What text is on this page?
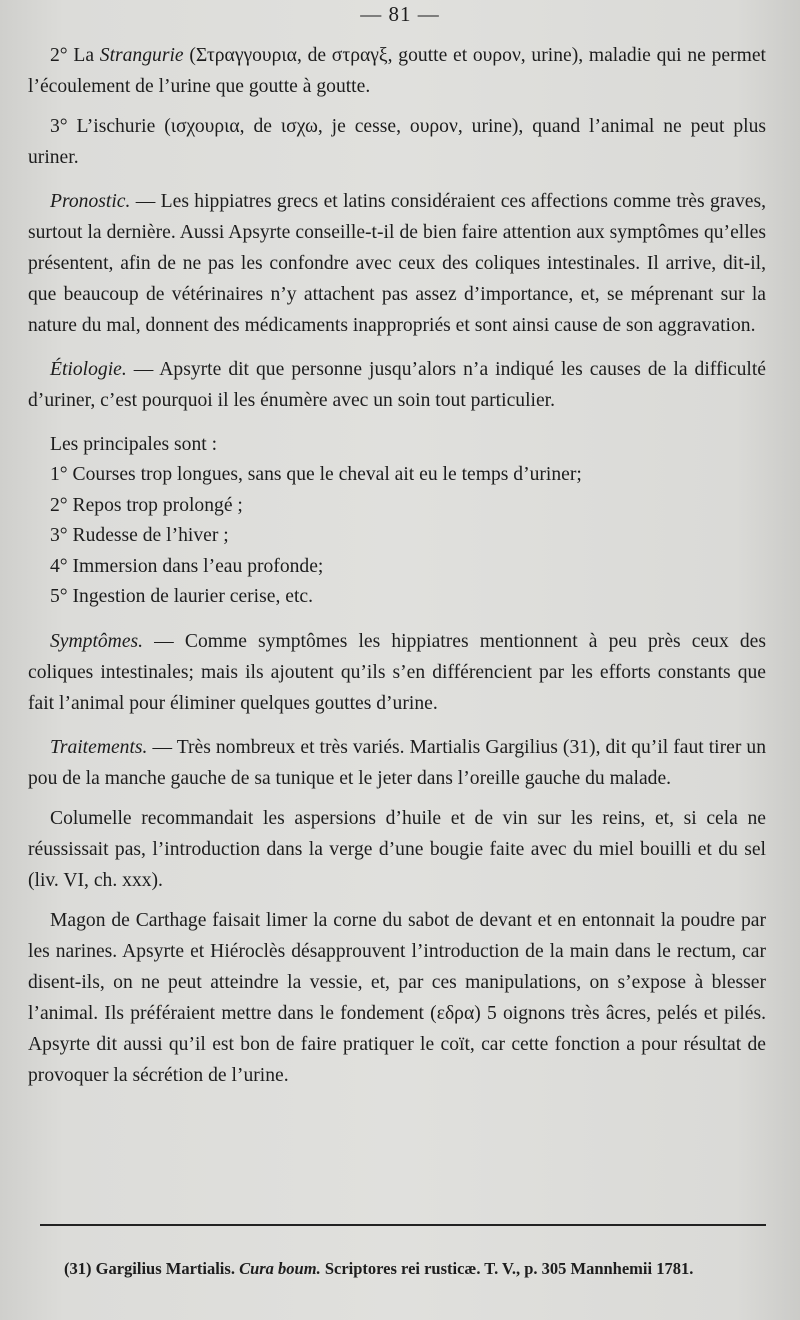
— 81 —

2° La Strangurie (Στραγγουρια, de στραγξ, goutte et ουρον, urine), maladie qui ne permet l’écoulement de l’urine que goutte à goutte.

3° L’ischurie (ισχουρια, de ισχω, je cesse, ουρον, urine), quand l’animal ne peut plus uriner.

Pronostic. — Les hippiatres grecs et latins considéraient ces affections comme très graves, surtout la dernière. Aussi Apsyrte conseille-t-il de bien faire attention aux symptômes qu’elles présentent, afin de ne pas les confondre avec ceux des coliques intestinales. Il arrive, dit-il, que beaucoup de vétérinaires n’y attachent pas assez d’importance, et, se méprenant sur la nature du mal, donnent des médicaments inappropriés et sont ainsi cause de son aggravation.

Étiologie. — Apsyrte dit que personne jusqu’alors n’a indiqué les causes de la difficulté d’uriner, c’est pourquoi il les énumère avec un soin tout particulier.

Les principales sont :

1° Courses trop longues, sans que le cheval ait eu le temps d’uriner;
2° Repos trop prolongé ;
3° Rudesse de l’hiver ;
4° Immersion dans l’eau profonde;
5° Ingestion de laurier cerise, etc.

Symptômes. — Comme symptômes les hippiatres mentionnent à peu près ceux des coliques intestinales; mais ils ajoutent qu’ils s’en différencient par les efforts constants que fait l’animal pour éliminer quelques gouttes d’urine.

Traitements. — Très nombreux et très variés. Martialis Gargilius (31), dit qu’il faut tirer un pou de la manche gauche de sa tunique et le jeter dans l’oreille gauche du malade.

Columelle recommandait les aspersions d’huile et de vin sur les reins, et, si cela ne réussissait pas, l’introduction dans la verge d’une bougie faite avec du miel bouilli et du sel (liv. VI, ch. xxx).

Magon de Carthage faisait limer la corne du sabot de devant et en entonnait la poudre par les narines. Apsyrte et Hiéroclès désapprouvent l’introduction de la main dans le rectum, car disent-ils, on ne peut atteindre la vessie, et, par ces manipulations, on s’expose à blesser l’animal. Ils préféraient mettre dans le fondement (εδρα) 5 oignons très âcres, pelés et pilés. Apsyrte dit aussi qu’il est bon de faire pratiquer le coït, car cette fonction a pour résultat de provoquer la sécrétion de l’urine.

(31) Gargilius Martialis. Cura boum. Scriptores rei rusticæ. T. V., p. 305 Mannhemii 1781.
